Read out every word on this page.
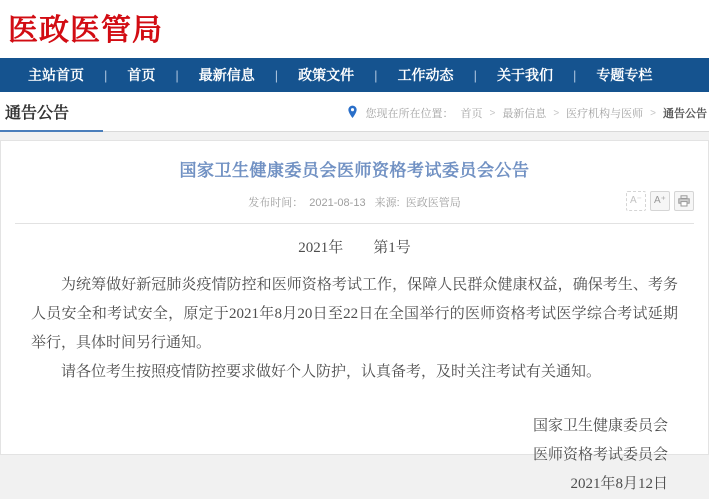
医政医管局
主站首页	|	首页	|	最新信息	|	政策文件	|	工作动态	|	关于我们	|	专题专栏
通告公告	您现在所在位置： 首页 > 最新信息 > 医疗机构与医师 > 通告公告
国家卫生健康委员会医师资格考试委员会公告
发布时间： 2021-08-13 来源: 医政医管局	A⁻	A⁺

2021年　　第1号

为统筹做好新冠肺炎疫情防控和医师资格考试工作，保障人民群众健康权益，确保考生、考务人员安全和考试安全，原定于2021年8月20日至22日在全国举行的医师资格考试医学综合考试延期举行，具体时间另行通知。

请各位考生按照疫情防控要求做好个人防护，认真备考，及时关注考试有关通知。

国家卫生健康委员会
医师资格考试委员会
2021年8月12日
